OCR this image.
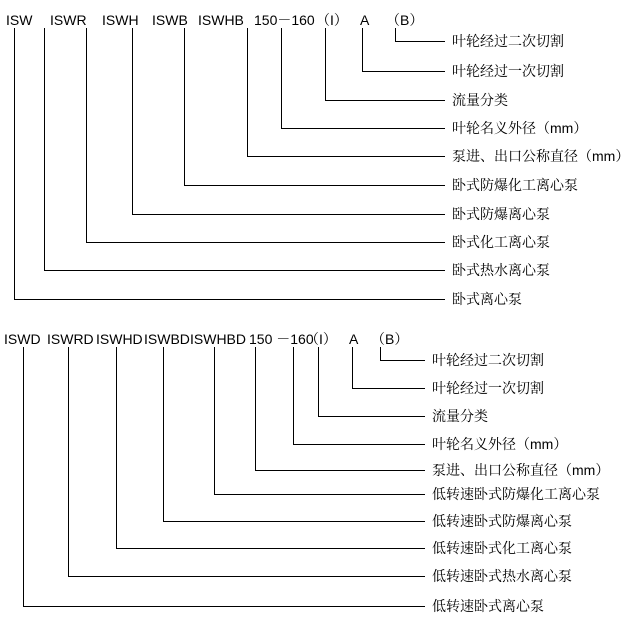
ISW ISWR ISWH ISWB ISWHB 150－160 （I） A （B）
叶轮经过二次切割
叶轮经过一次切割
流量分类
叶轮名义外径（mm）
泵进、出口公称直径（mm）
卧式防爆化工离心泵
卧式防爆离心泵
卧式化工离心泵
卧式热水离心泵
卧式离心泵
ISWD ISWRD ISWHD ISWBD ISWHBD 150 －160
（I） A （B）
叶轮经过二次切割
叶轮经过一次切割
流量分类
叶轮名义外径（mm）
泵进、出口公称直径（mm）
低转速卧式防爆化工离心泵
低转速卧式防爆离心泵
低转速卧式化工离心泵
低转速卧式热水离心泵
低转速卧式离心泵
